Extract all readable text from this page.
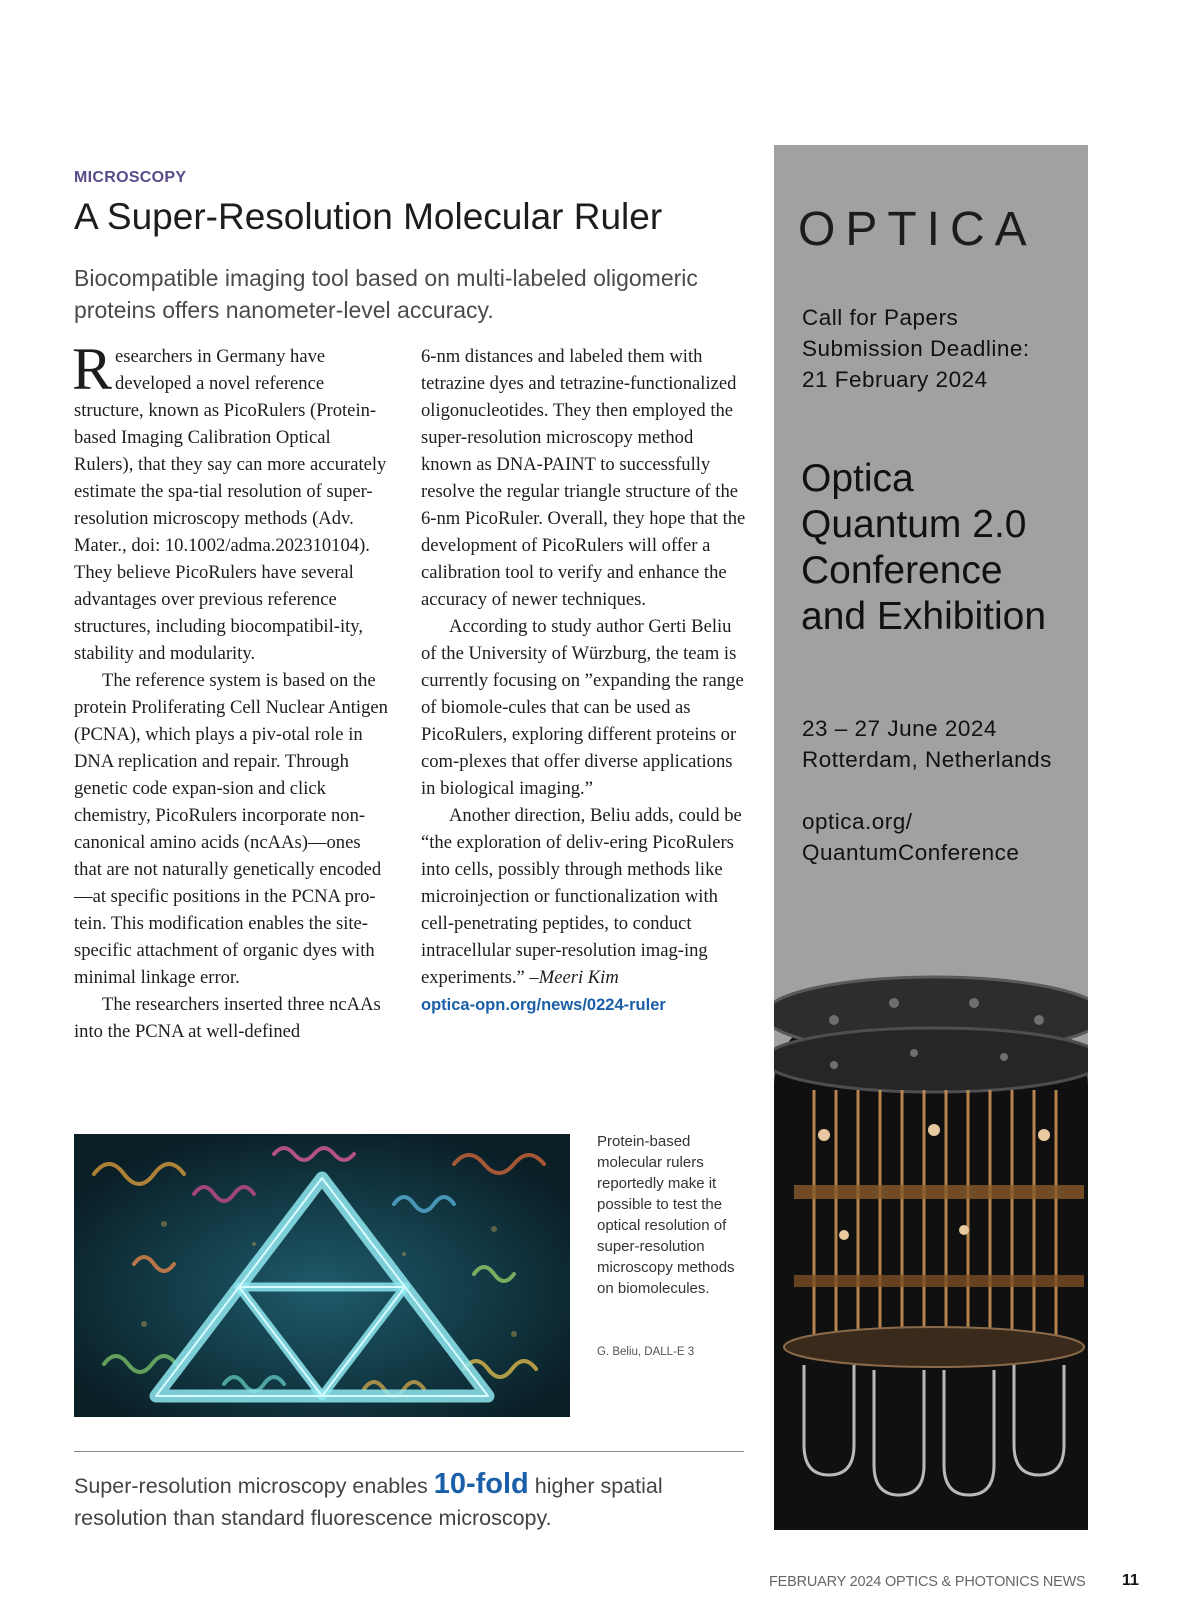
MICROSCOPY
A Super-Resolution Molecular Ruler
Biocompatible imaging tool based on multi-labeled oligomeric proteins offers nanometer-level accuracy.

Researchers in Germany have developed a novel reference structure, known as PicoRulers (Protein-based Imaging Calibration Optical Rulers), that they say can more accurately estimate the spa-tial resolution of super-resolution microscopy methods (Adv. Mater., doi: 10.1002/adma.202310104). They believe PicoRulers have several advantages over previous reference structures, including biocompatibil-ity, stability and modularity.

The reference system is based on the protein Proliferating Cell Nuclear Antigen (PCNA), which plays a piv-otal role in DNA replication and repair. Through genetic code expan-sion and click chemistry, PicoRulers incorporate non-canonical amino acids (ncAAs)—ones that are not naturally genetically encoded—at specific positions in the PCNA pro-tein. This modification enables the site-specific attachment of organic dyes with minimal linkage error.

The researchers inserted three ncAAs into the PCNA at well-defined

6-nm distances and labeled them with tetrazine dyes and tetrazine-functionalized oligonucleotides. They then employed the super-resolution microscopy method known as DNA-PAINT to successfully resolve the regular triangle structure of the 6-nm PicoRuler. Overall, they hope that the development of PicoRulers will offer a calibration tool to verify and enhance the accuracy of newer techniques.

According to study author Gerti Beliu of the University of Würzburg, the team is currently focusing on ”expanding the range of biomole-cules that can be used as PicoRulers, exploring different proteins or com-plexes that offer diverse applications in biological imaging.”

Another direction, Beliu adds, could be “the exploration of deliv-ering PicoRulers into cells, possibly through methods like microinjection or functionalization with cell-penetrating peptides, to conduct intracellular super-resolution imag-ing experiments.” –Meeri Kim

optica-opn.org/news/0224-ruler

Protein-based molecular rulers reportedly make it possible to test the optical resolution of super-resolution microscopy methods on biomolecules.
G. Beliu, DALL-E 3
Super-resolution microscopy enables 10-fold higher spatial resolution than standard fluorescence microscopy.
OPTICA
Call for Papers
Submission Deadline:
21 February 2024
Optica
Quantum 2.0
Conference
and Exhibition
23 – 27 June 2024
Rotterdam, Netherlands
optica.org/
QuantumConference
FEBRUARY 2024 OPTICS & PHOTONICS NEWS 11
